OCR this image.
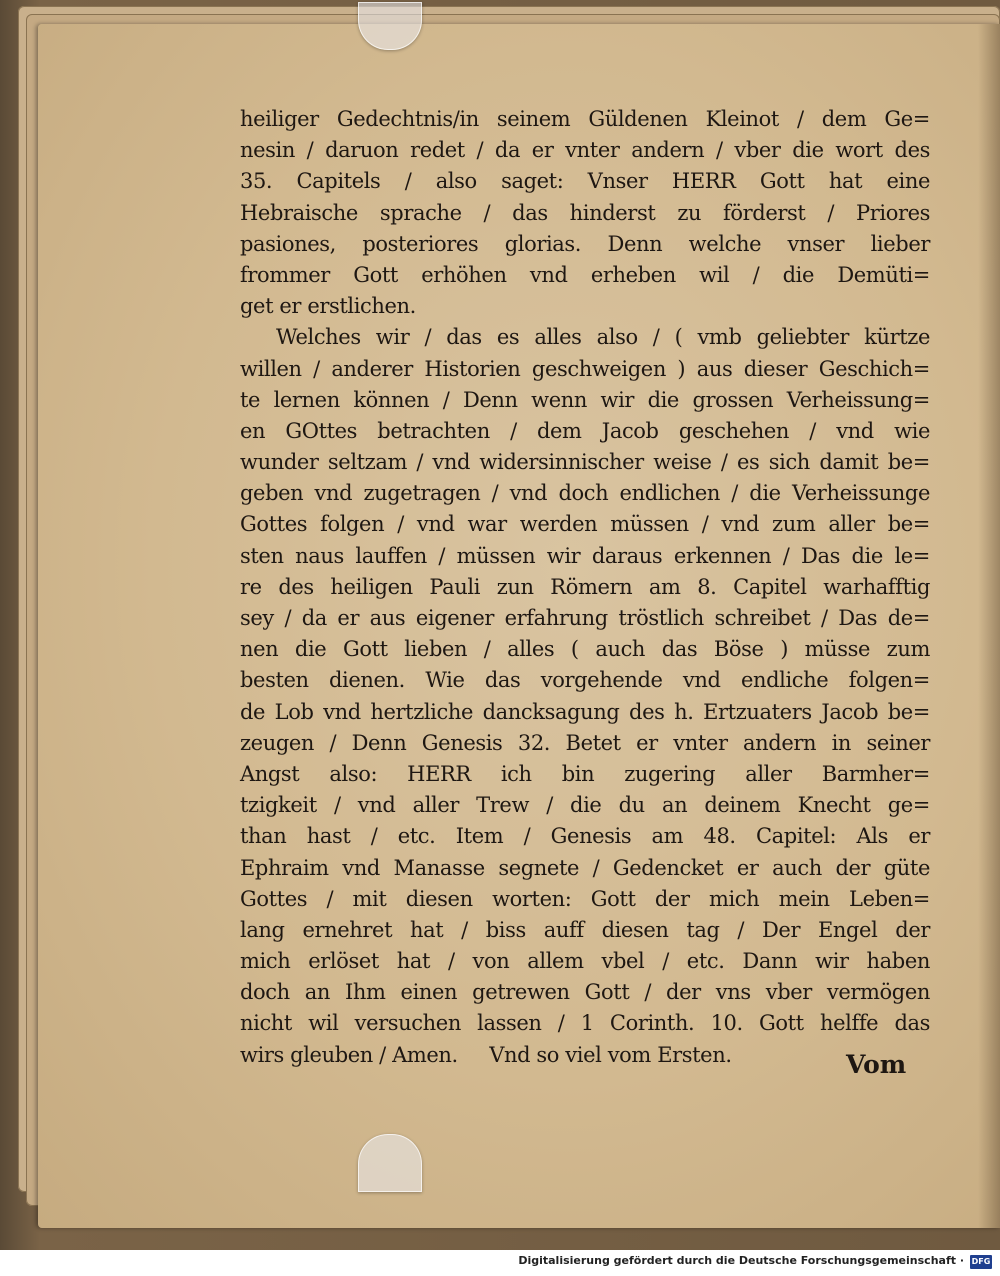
heiliger Gedechtnis/in seinem Güldenen Kleinot / dem Ge=
nesin / daruon redet / da er vnter andern / vber die wort des
35. Capitels / also saget: Vnser HERR Gott hat eine
Hebraische sprache / das hinderst zu förderst / Priores
pasiones, posteriores glorias. Denn welche vnser lieber
frommer Gott erhöhen vnd erheben wil / die Demüti=
get er erstlichen.
Welches wir / das es alles also / ( vmb geliebter kürtze
willen / anderer Historien geschweigen ) aus dieser Geschich=
te lernen können / Denn wenn wir die grossen Verheissung=
en GOttes betrachten / dem Jacob geschehen / vnd wie
wunder seltzam / vnd widersinnischer weise / es sich damit be=
geben vnd zugetragen / vnd doch endlichen / die Verheissunge
Gottes folgen / vnd war werden müssen / vnd zum aller be=
sten naus lauffen / müssen wir daraus erkennen / Das die le=
re des heiligen Pauli zun Römern am 8. Capitel warhafftig
sey / da er aus eigener erfahrung tröstlich schreibet / Das de=
nen die Gott lieben / alles ( auch das Böse ) müsse zum
besten dienen. Wie das vorgehende vnd endliche folgen=
de Lob vnd hertzliche dancksagung des h. Ertzuaters Jacob be=
zeugen / Denn Genesis 32. Betet er vnter andern in seiner
Angst also: HERR ich bin zugering aller Barmher=
tzigkeit / vnd aller Trew / die du an deinem Knecht ge=
than hast / etc. Item / Genesis am 48. Capitel: Als er
Ephraim vnd Manasse segnete / Gedencket er auch der güte
Gottes / mit diesen worten: Gott der mich mein Leben=
lang ernehret hat / biss auff diesen tag / Der Engel der
mich erlöset hat / von allem vbel / etc. Dann wir haben
doch an Ihm einen getrewen Gott / der vns vber vermögen
nicht wil versuchen lassen / 1 Corinth. 10. Gott helffe das
wirs gleuben / Amen.     Vnd so viel vom Ersten.	Vom
Digitalisierung gefördert durch die Deutsche Forschungsgemeinschaft · DFG
